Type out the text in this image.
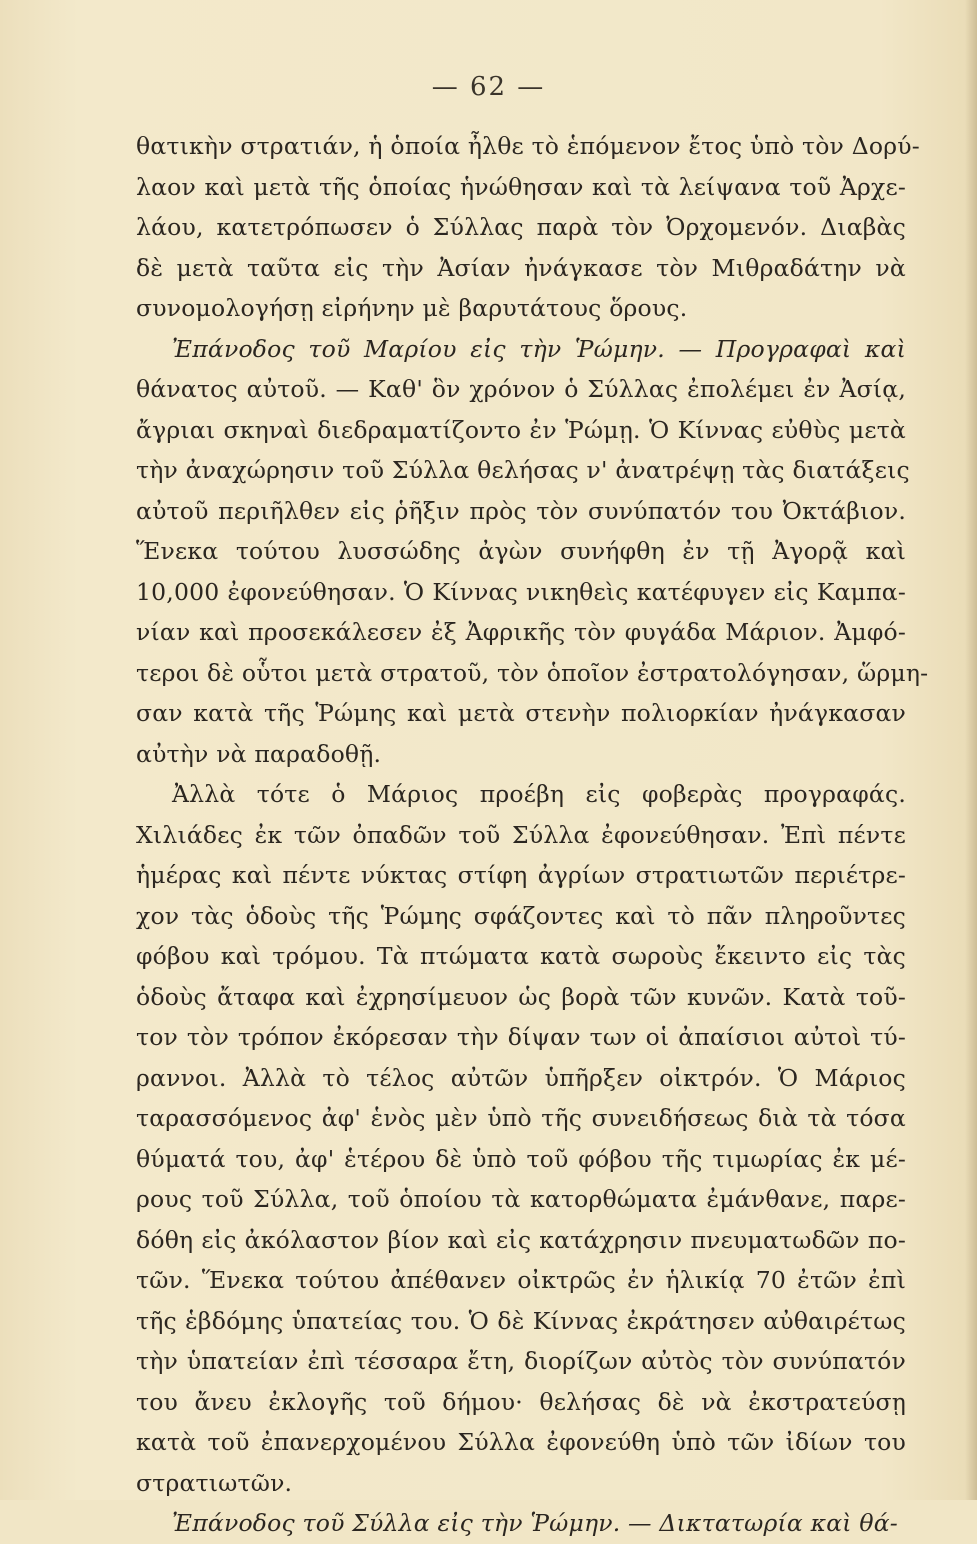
— 62 —
θατικὴν στρατιάν, ἡ ὁποία ἦλθε τὸ ἑπόμενον ἔτος ὑπὸ τὸν Δορύ-
λαον καὶ μετὰ τῆς ὁποίας ἡνώθησαν καὶ τὰ λείψανα τοῦ Ἀρχε-
λάου, κατετρόπωσεν ὁ Σύλλας παρὰ τὸν Ὀρχομενόν. Διαβὰς
δὲ μετὰ ταῦτα εἰς τὴν Ἀσίαν ἠνάγκασε τὸν Μιθραδάτην νὰ
συνομολογήσῃ εἰρήνην μὲ βαρυτάτους ὅρους.
Ἐπάνοδος τοῦ Μαρίου εἰς τὴν Ῥώμην. — Προγραφαὶ καὶ
θάνατος αὐτοῦ. — Καθ' ὃν χρόνον ὁ Σύλλας ἐπολέμει ἐν Ἀσίᾳ,
ἄγριαι σκηναὶ διεδραματίζοντο ἐν Ῥώμῃ. Ὁ Κίννας εὐθὺς μετὰ
τὴν ἀναχώρησιν τοῦ Σύλλα θελήσας ν' ἀνατρέψῃ τὰς διατάξεις
αὐτοῦ περιῆλθεν εἰς ῥῆξιν πρὸς τὸν συνύπατόν του Ὀκτάβιον.
Ἕνεκα τούτου λυσσώδης ἀγὼν συνήφθη ἐν τῇ Ἀγορᾷ καὶ
10,000 ἐφονεύθησαν. Ὁ Κίννας νικηθεὶς κατέφυγεν εἰς Καμπα-
νίαν καὶ προσεκάλεσεν ἐξ Ἀφρικῆς τὸν φυγάδα Μάριον. Ἀμφό-
τεροι δὲ οὗτοι μετὰ στρατοῦ, τὸν ὁποῖον ἐστρατολόγησαν, ὥρμη-
σαν κατὰ τῆς Ῥώμης καὶ μετὰ στενὴν πολιορκίαν ἠνάγκασαν
αὐτὴν νὰ παραδοθῇ.
Ἀλλὰ τότε ὁ Μάριος προέβη εἰς φοβερὰς προγραφάς.
Χιλιάδες ἐκ τῶν ὀπαδῶν τοῦ Σύλλα ἐφονεύθησαν. Ἐπὶ πέντε
ἡμέρας καὶ πέντε νύκτας στίφη ἀγρίων στρατιωτῶν περιέτρε-
χον τὰς ὁδοὺς τῆς Ῥώμης σφάζοντες καὶ τὸ πᾶν πληροῦντες
φόβου καὶ τρόμου. Τὰ πτώματα κατὰ σωροὺς ἔκειντο εἰς τὰς
ὁδοὺς ἄταφα καὶ ἐχρησίμευον ὡς βορὰ τῶν κυνῶν. Κατὰ τοῦ-
τον τὸν τρόπον ἐκόρεσαν τὴν δίψαν των οἱ ἀπαίσιοι αὐτοὶ τύ-
ραννοι. Ἀλλὰ τὸ τέλος αὐτῶν ὑπῆρξεν οἰκτρόν. Ὁ Μάριος
ταρασσόμενος ἀφ' ἑνὸς μὲν ὑπὸ τῆς συνειδήσεως διὰ τὰ τόσα
θύματά του, ἀφ' ἑτέρου δὲ ὑπὸ τοῦ φόβου τῆς τιμωρίας ἐκ μέ-
ρους τοῦ Σύλλα, τοῦ ὁποίου τὰ κατορθώματα ἐμάνθανε, παρε-
δόθη εἰς ἀκόλαστον βίον καὶ εἰς κατάχρησιν πνευματωδῶν πο-
τῶν. Ἕνεκα τούτου ἀπέθανεν οἰκτρῶς ἐν ἡλικίᾳ 70 ἐτῶν ἐπὶ
τῆς ἑβδόμης ὑπατείας του. Ὁ δὲ Κίννας ἐκράτησεν αὐθαιρέτως
τὴν ὑπατείαν ἐπὶ τέσσαρα ἔτη, διορίζων αὐτὸς τὸν συνύπατόν
του ἄνευ ἐκλογῆς τοῦ δήμου· θελήσας δὲ νὰ ἐκστρατεύσῃ
κατὰ τοῦ ἐπανερχομένου Σύλλα ἐφονεύθη ὑπὸ τῶν ἰδίων του
στρατιωτῶν.
Ἐπάνοδος τοῦ Σύλλα εἰς τὴν Ῥώμην. — Δικτατωρία καὶ θά-
